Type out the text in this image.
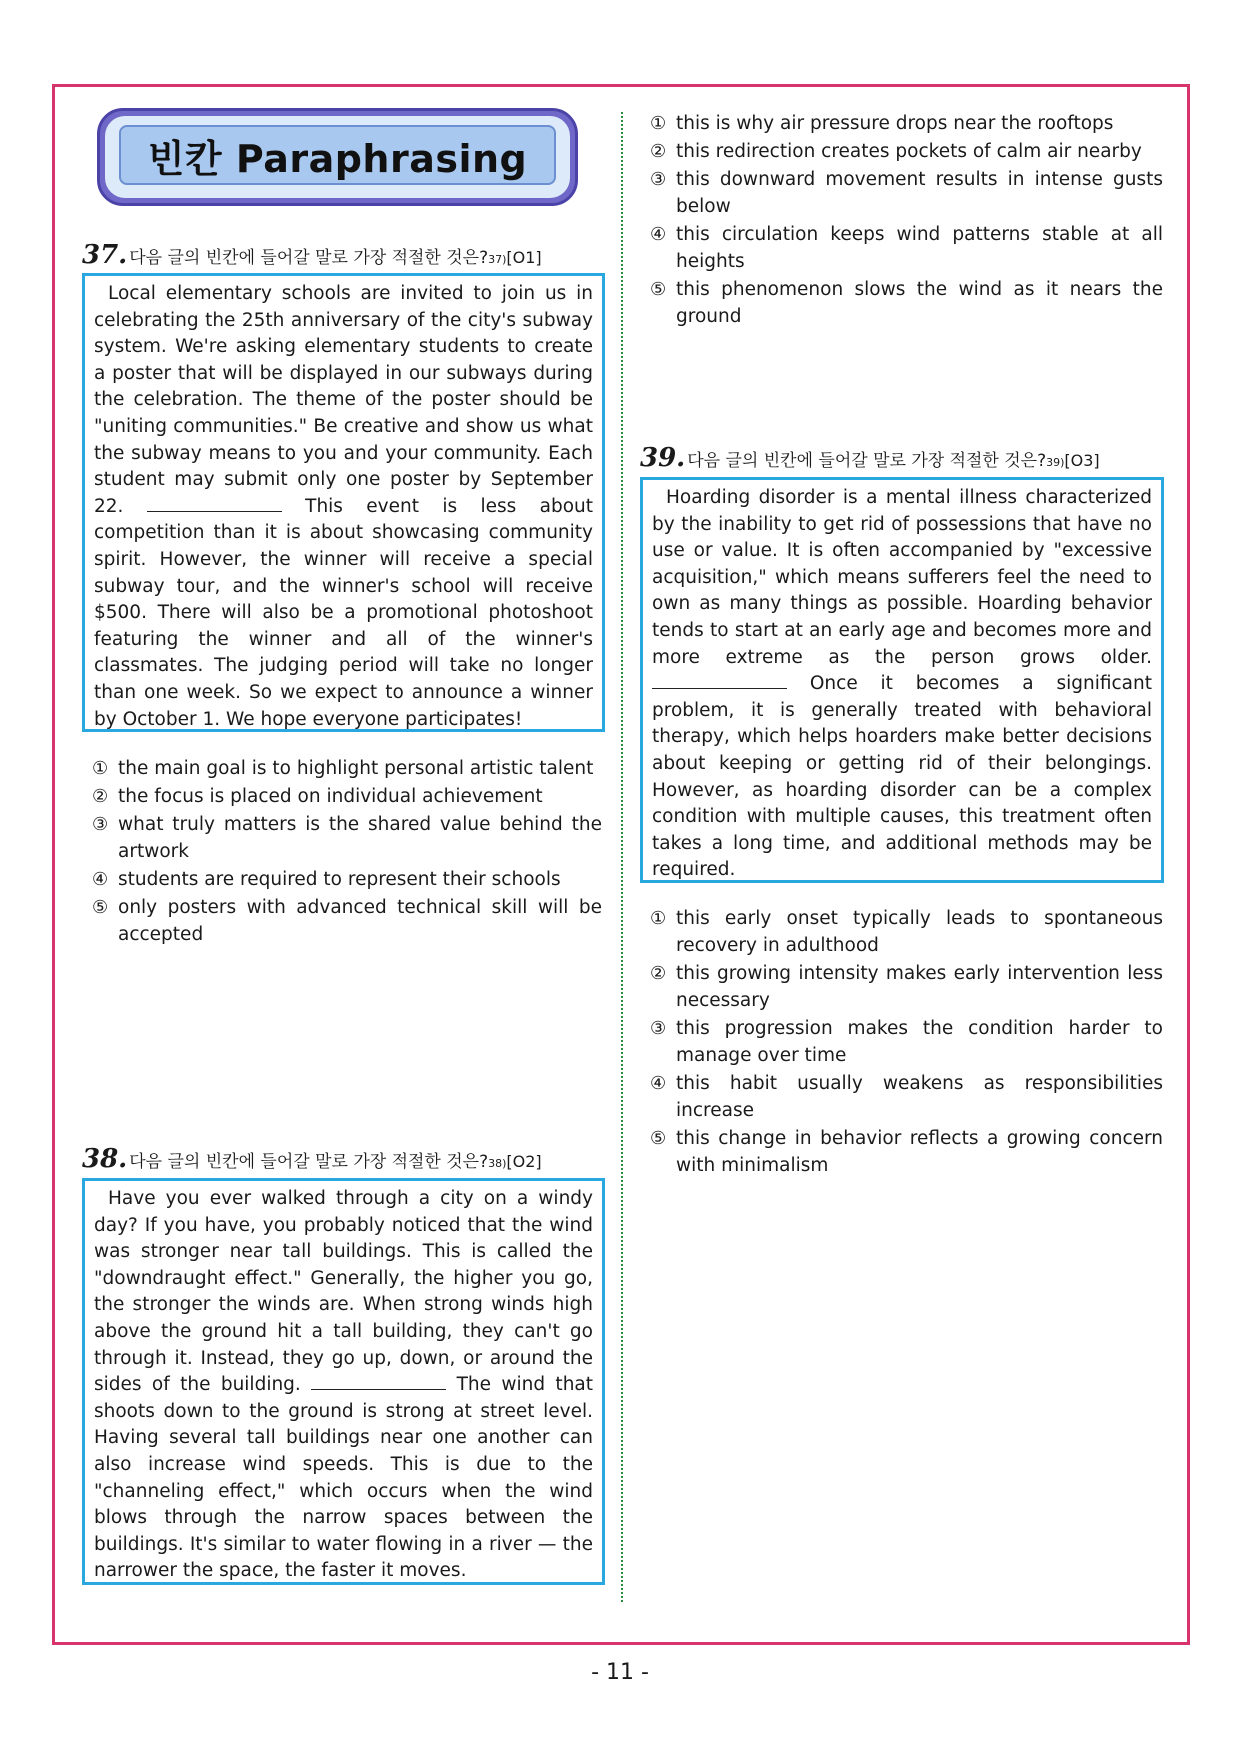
빈칸 Paraphrasing
37. 다음 글의 빈칸에 들어갈 말로 가장 적절한 것은? 37) [O1]
Local elementary schools are invited to join us in celebrating the 25th anniversary of the city's subway system. We're asking elementary students to create a poster that will be displayed in our subways during the celebration. The theme of the poster should be "uniting communities." Be creative and show us what the subway means to you and your community. Each student may submit only one poster by September 22.	This event is less about competition than it is about showcasing community spirit. However, the winner will receive a special subway tour, and the winner's school will receive $500. There will also be a promotional photoshoot featuring the winner and all of the winner's classmates. The judging period will take no longer than one week. So we expect to announce a winner by October 1. We hope everyone participates!
① the main goal is to highlight personal artistic talent
② the focus is placed on individual achievement
③ what truly matters is the shared value behind the artwork
④ students are required to represent their schools
⑤ only posters with advanced technical skill will be accepted
38. 다음 글의 빈칸에 들어갈 말로 가장 적절한 것은? 38) [O2]
Have you ever walked through a city on a windy day? If you have, you probably noticed that the wind was stronger near tall buildings. This is called the "downdraught effect." Generally, the higher you go, the stronger the winds are. When strong winds high above the ground hit a tall building, they can't go through it. Instead, they go up, down, or around the sides of the building.	The wind that shoots down to the ground is strong at street level. Having several tall buildings near one another can also increase wind speeds. This is due to the "channeling effect," which occurs when the wind blows through the narrow spaces between the buildings. It's similar to water flowing in a river — the narrower the space, the faster it moves.
① this is why air pressure drops near the rooftops
② this redirection creates pockets of calm air nearby
③ this downward movement results in intense gusts below
④ this circulation keeps wind patterns stable at all heights
⑤ this phenomenon slows the wind as it nears the ground
39. 다음 글의 빈칸에 들어갈 말로 가장 적절한 것은? 39) [O3]
Hoarding disorder is a mental illness characterized by the inability to get rid of possessions that have no use or value. It is often accompanied by "excessive acquisition," which means sufferers feel the need to own as many things as possible. Hoarding behavior tends to start at an early age and becomes more and more extreme as the person grows older.  Once it becomes a significant problem, it is generally treated with behavioral therapy, which helps hoarders make better decisions about keeping or getting rid of their belongings. However, as hoarding disorder can be a complex condition with multiple causes, this treatment often takes a long time, and additional methods may be required.
① this early onset typically leads to spontaneous recovery in adulthood
② this growing intensity makes early intervention less necessary
③ this progression makes the condition harder to manage over time
④ this habit usually weakens as responsibilities increase
⑤ this change in behavior reflects a growing concern with minimalism
- 11 -
